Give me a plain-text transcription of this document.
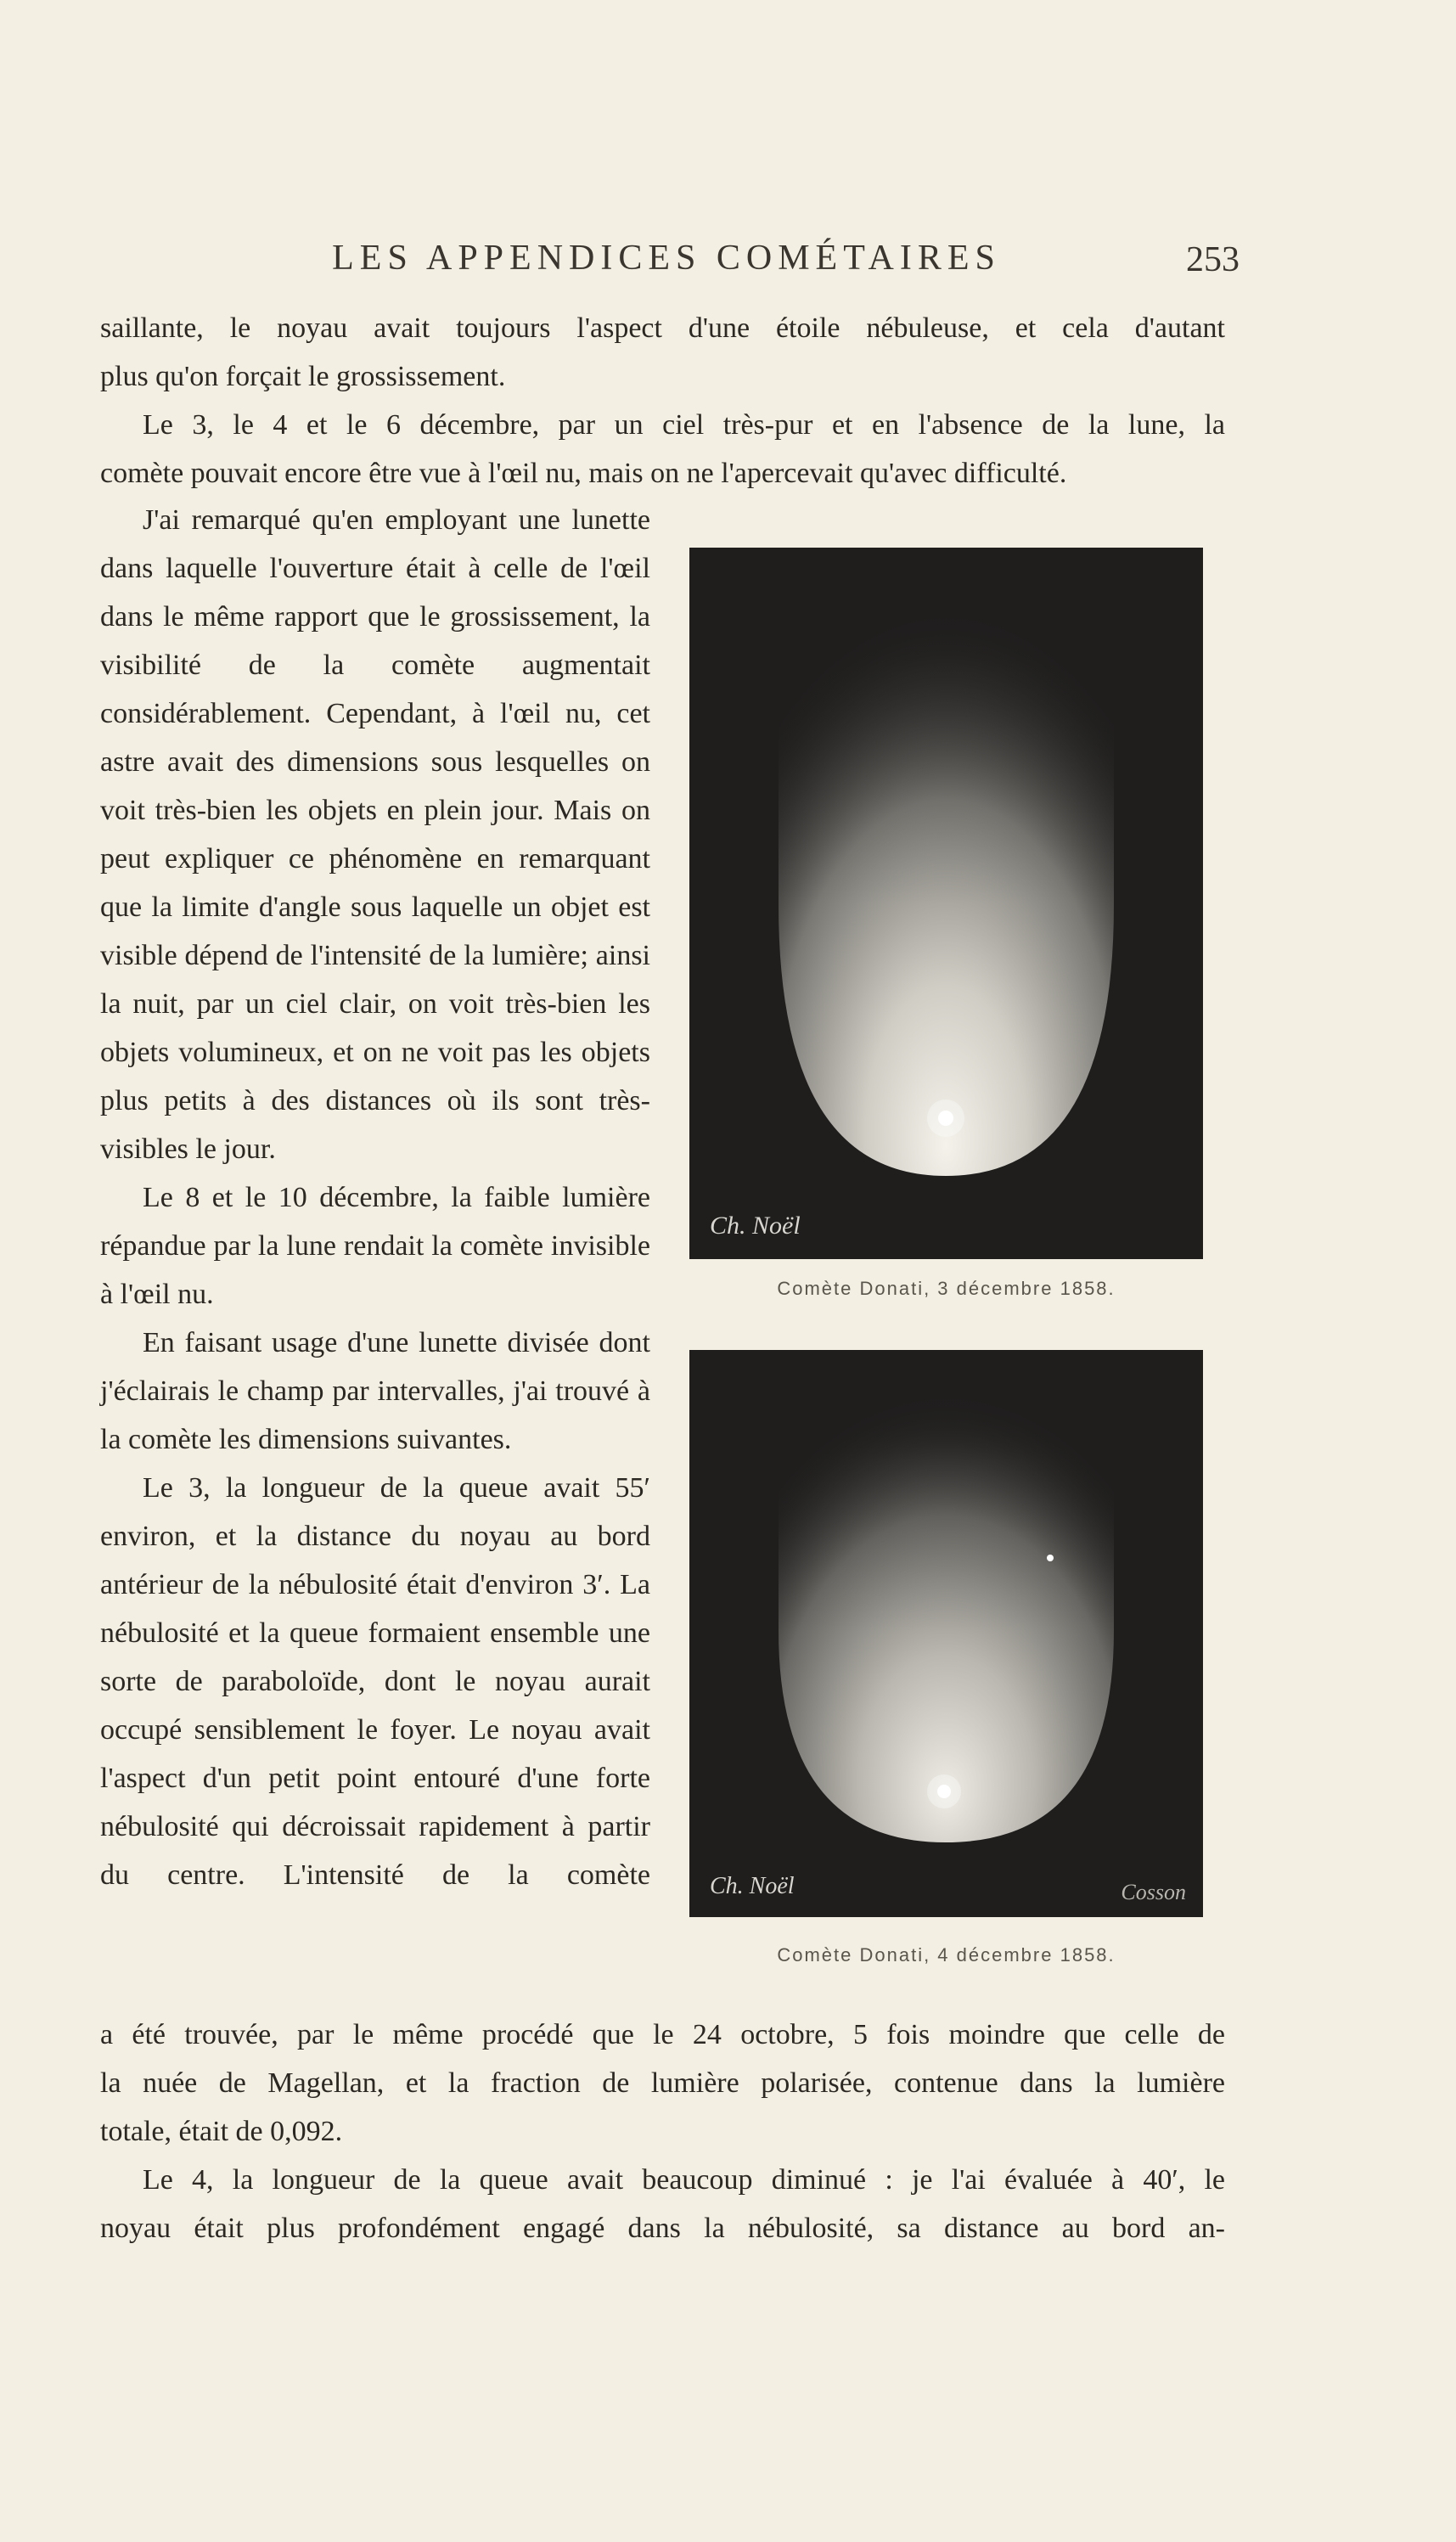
LES APPENDICES COMÉTAIRES	253

saillante, le noyau avait toujours l'aspect d'une étoile nébuleuse, et cela d'autant

plus qu'on forçait le grossissement.

Le 3, le 4 et le 6 décembre, par un ciel très-pur et en l'absence de la lune, la

comète pouvait encore être vue à l'œil nu, mais on ne l'apercevait qu'avec difficulté.

J'ai remarqué qu'en employant une lunette dans laquelle l'ouverture était à celle de l'œil dans le même rapport que le grossissement, la visibilité de la comète augmentait considérablement. Cependant, à l'œil nu, cet astre avait des dimensions sous lesquelles on voit très-bien les objets en plein jour. Mais on peut expliquer ce phénomène en remarquant que la limite d'angle sous laquelle un objet est visible dépend de l'intensité de la lumière; ainsi la nuit, par un ciel clair, on voit très-bien les objets volumineux, et on ne voit pas les objets plus petits à des distances où ils sont très-visibles le jour.

Le 8 et le 10 décembre, la faible lumière répandue par la lune rendait la comète invisible à l'œil nu.

En faisant usage d'une lunette divisée dont j'éclairais le champ par intervalles, j'ai trouvé à la comète les dimensions suivantes.

Le 3, la longueur de la queue avait 55′ environ, et la distance du noyau au bord antérieur de la nébulosité était d'environ 3′. La nébulosité et la queue formaient ensemble une sorte de paraboloïde, dont le noyau aurait occupé sensiblement le foyer. Le noyau avait l'aspect d'un petit point entouré d'une forte nébulosité qui décroissait rapidement à partir du centre. L'intensité de la comète

Ch. Noël
Comète Donati, 3 décembre 1858.
Ch. Noël	Cosson
Comète Donati, 4 décembre 1858.

a été trouvée, par le même procédé que le 24 octobre, 5 fois moindre que celle de

la nuée de Magellan, et la fraction de lumière polarisée, contenue dans la lumière

totale, était de 0,092.

Le 4, la longueur de la queue avait beaucoup diminué : je l'ai évaluée à 40′, le

noyau était plus profondément engagé dans la nébulosité, sa distance au bord an-
